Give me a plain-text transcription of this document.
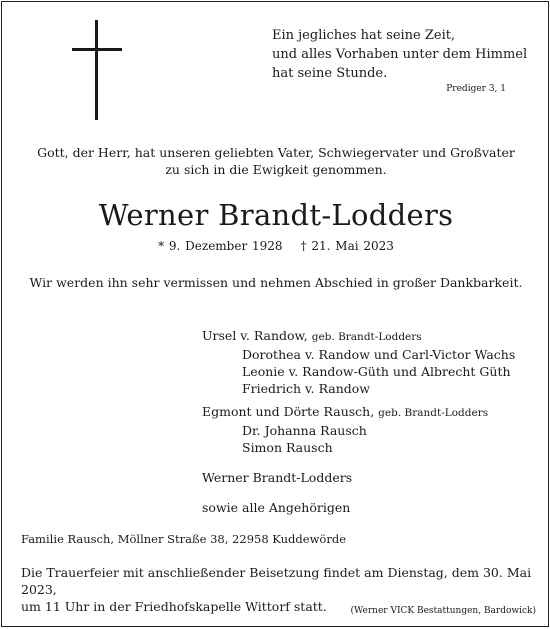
Ein jegliches hat seine Zeit,
und alles Vorhaben unter dem Himmel
hat seine Stunde.
Prediger 3, 1
Gott, der Herr, hat unseren geliebten Vater, Schwiegervater und Großvater
zu sich in die Ewigkeit genommen.
Werner Brandt-Lodders
* 9. Dezember 1928 † 21. Mai 2023
Wir werden ihn sehr vermissen und nehmen Abschied in großer Dankbarkeit.
Ursel v. Randow, geb. Brandt-Lodders
Dorothea v. Randow und Carl-Victor Wachs
Leonie v. Randow-Güth und Albrecht Güth
Friedrich v. Randow
Egmont und Dörte Rausch, geb. Brandt-Lodders
Dr. Johanna Rausch
Simon Rausch
Werner Brandt-Lodders
sowie alle Angehörigen
Familie Rausch, Möllner Straße 38, 22958 Kuddewörde
Die Trauerfeier mit anschließender Beisetzung findet am Dienstag, dem 30. Mai 2023,
um 11 Uhr in der Friedhofskapelle Wittorf statt.	(Werner VICK Bestattungen, Bardowick)
